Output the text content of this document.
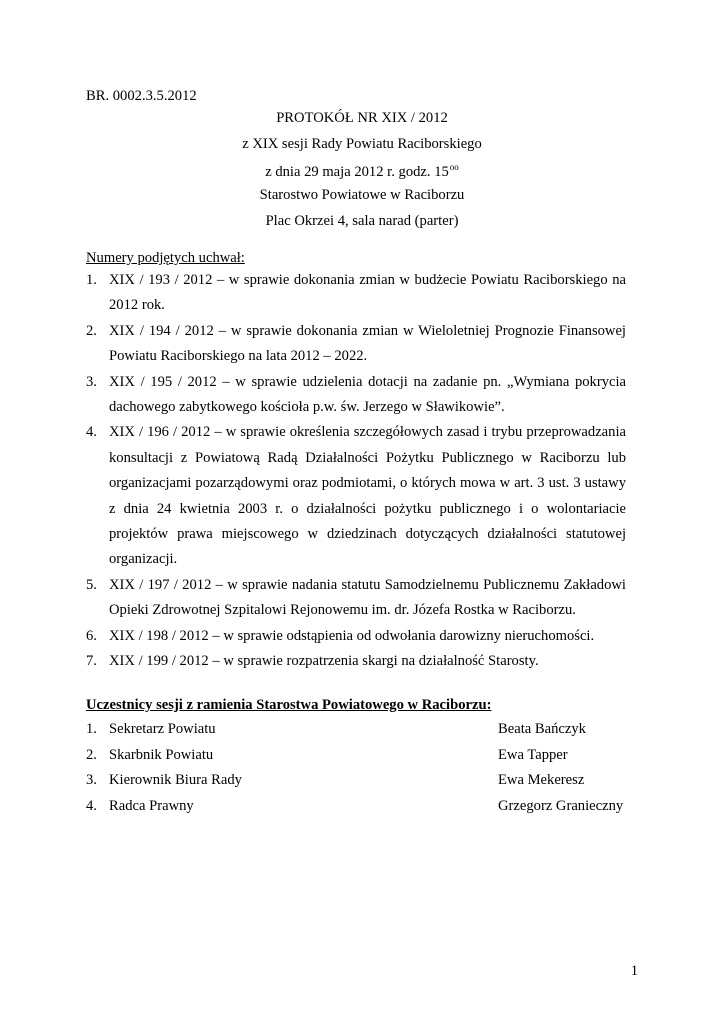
BR. 0002.3.5.2012
PROTOKÓŁ NR XIX / 2012
z XIX sesji Rady Powiatu Raciborskiego
z dnia 29 maja 2012 r. godz. $15^{oo}$
Starostwo Powiatowe w Raciborzu
Plac Okrzei 4, sala narad (parter)
Numery podjętych uchwał:
1. XIX / 193 / 2012 – w sprawie dokonania zmian w budżecie Powiatu Raciborskiego na 2012 rok.
2. XIX / 194 / 2012 – w sprawie dokonania zmian w Wieloletniej Prognozie Finansowej Powiatu Raciborskiego na lata 2012 – 2022.
3. XIX / 195 / 2012 – w sprawie udzielenia dotacji na zadanie pn. „Wymiana pokrycia dachowego zabytkowego kościoła p.w. św. Jerzego w Sławikowie”.
4. XIX / 196 / 2012 – w sprawie określenia szczegółowych zasad i trybu przeprowadzania konsultacji z Powiatową Radą Działalności Pożytku Publicznego w Raciborzu lub organizacjami pozarządowymi oraz podmiotami, o których mowa w art. 3 ust. 3 ustawy z dnia 24 kwietnia 2003 r. o działalności pożytku publicznego i o wolontariacie projektów prawa miejscowego w dziedzinach dotyczących działalności statutowej organizacji.
5. XIX / 197 / 2012 – w sprawie nadania statutu Samodzielnemu Publicznemu Zakładowi Opieki Zdrowotnej Szpitalowi Rejonowemu im. dr. Józefa Rostka w Raciborzu.
6. XIX / 198 / 2012 – w sprawie odstąpienia od odwołania darowizny nieruchomości.
7. XIX / 199 / 2012 – w sprawie rozpatrzenia skargi na działalność Starosty.
Uczestnicy sesji z ramienia Starostwa Powiatowego w Raciborzu:
1. Sekretarz Powiatu	Beata Bańczyk
2. Skarbnik Powiatu	Ewa Tapper
3. Kierownik Biura Rady	Ewa Mekeresz
4. Radca Prawny	Grzegorz Granieczny
1
